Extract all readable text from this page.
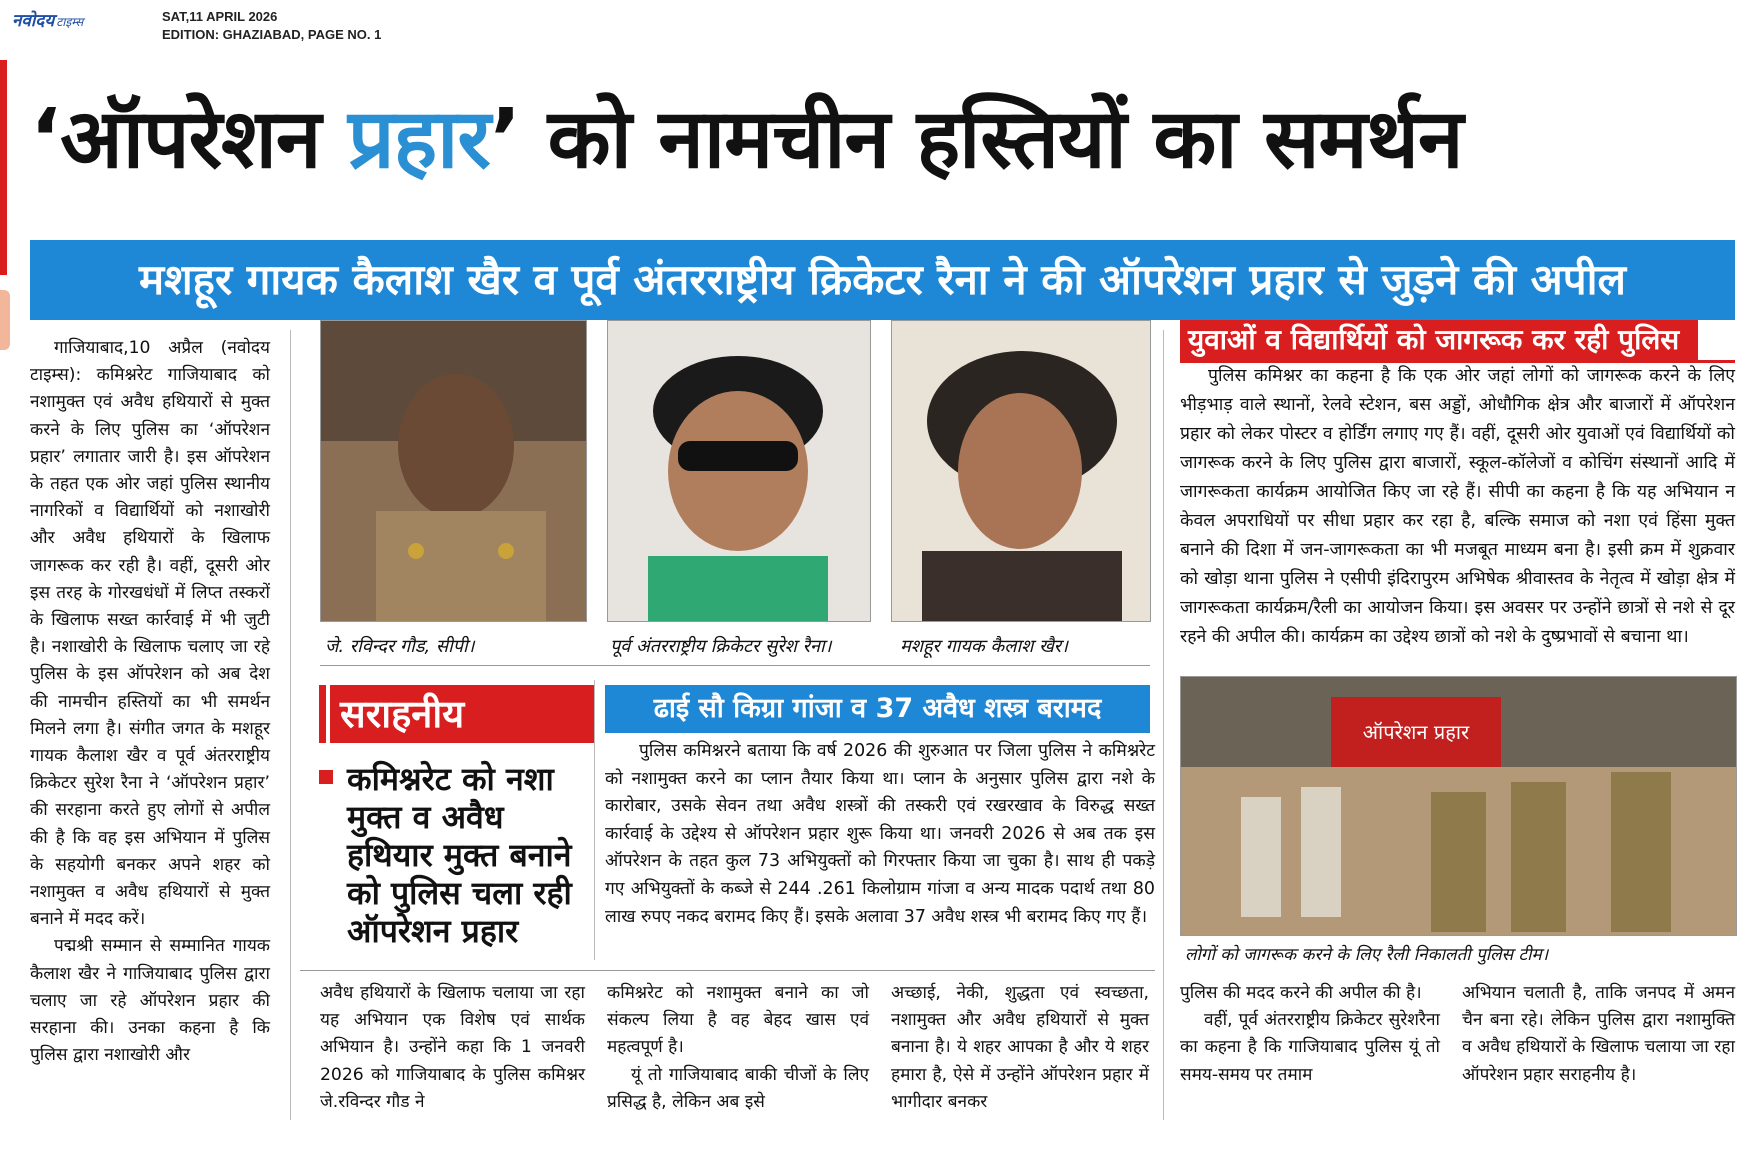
नवोदय टाइम्स	SAT,11 APRIL 2026
EDITION: GHAZIABAD, PAGE NO. 1
‘ऑपरेशन प्रहार’ को नामचीन हस्तियों का समर्थन
मशहूर गायक कैलाश खैर व पूर्व अंतरराष्ट्रीय क्रिकेटर रैना ने की ऑपरेशन प्रहार से जुड़ने की अपील

गाजियाबाद,10 अप्रैल (नवोदय टाइम्स): कमिश्नरेट गाजियाबाद को नशामुक्त एवं अवैध हथियारों से मुक्त करने के लिए पुलिस का ‘ऑपरेशन प्रहार’ लगातार जारी है। इस ऑपरेशन के तहत एक ओर जहां पुलिस स्थानीय नागरिकों व विद्यार्थियों को नशाखोरी और अवैध हथियारों के खिलाफ जागरूक कर रही है। वहीं, दूसरी ओर इस तरह के गोरखधंधों में लिप्त तस्करों के खिलाफ सख्त कार्रवाई में भी जुटी है। नशाखोरी के खिलाफ चलाए जा रहे पुलिस के इस ऑपरेशन को अब देश की नामचीन हस्तियों का भी समर्थन मिलने लगा है। संगीत जगत के मशहूर गायक कैलाश खैर व पूर्व अंतरराष्ट्रीय क्रिकेटर सुरेश रैना ने ‘ऑपरेशन प्रहार’ की सरहाना करते हुए लोगों से अपील की है कि वह इस अभियान में पुलिस के सहयोगी बनकर अपने शहर को नशामुक्त व अवैध हथियारों से मुक्त बनाने में मदद करें।

पद्मश्री सम्मान से सम्मानित गायक कैलाश खैर ने गाजियाबाद पुलिस द्वारा चलाए जा रहे ऑपरेशन प्रहार की सरहाना की। उनका कहना है कि पुलिस द्वारा नशाखोरी और

जे. रविन्दर गौड, सीपी।	पूर्व अंतरराष्ट्रीय क्रिकेटर सुरेश रैना।	मशहूर गायक कैलाश खैर।
युवाओं व विद्यार्थियों को जागरूक कर रही पुलिस

पुलिस कमिश्नर का कहना है कि एक ओर जहां लोगों को जागरूक करने के लिए भीड़भाड़ वाले स्थानों, रेलवे स्टेशन, बस अड्डों, ओधौगिक क्षेत्र और बाजारों में ऑपरेशन प्रहार को लेकर पोस्टर व होर्डिंग लगाए गए हैं। वहीं, दूसरी ओर युवाओं एवं विद्यार्थियों को जागरूक करने के लिए पुलिस द्वारा बाजारों, स्कूल-कॉलेजों व कोचिंग संस्थानों आदि में जागरूकता कार्यक्रम आयोजित किए जा रहे हैं। सीपी का कहना है कि यह अभियान न केवल अपराधियों पर सीधा प्रहार कर रहा है, बल्कि समाज को नशा एवं हिंसा मुक्त बनाने की दिशा में जन-जागरूकता का भी मजबूत माध्यम बना है। इसी क्रम में शुक्रवार को खोड़ा थाना पुलिस ने एसीपी इंदिरापुरम अभिषेक श्रीवास्तव के नेतृत्व में खोड़ा क्षेत्र में जागरूकता कार्यक्रम/रैली का आयोजन किया। इस अवसर पर उन्होंने छात्रों से नशे से दूर रहने की अपील की। कार्यक्रम का उद्देश्य छात्रों को नशे के दुष्प्रभावों से बचाना था।

ऑपरेशन प्रहार
लोगों को जागरूक करने के लिए रैली निकालती पुलिस टीम।
सराहनीय
कमिश्नरेट को नशा मुक्त व अवैध हथियार मुक्त बनाने को पुलिस चला रही ऑपरेशन प्रहार
ढाई सौ किग्रा गांजा व 37 अवैध शस्त्र बरामद

पुलिस कमिश्नरने बताया कि वर्ष 2026 की शुरुआत पर जिला पुलिस ने कमिश्नरेट को नशामुक्त करने का प्लान तैयार किया था। प्लान के अनुसार पुलिस द्वारा नशे के कारोबार, उसके सेवन तथा अवैध शस्त्रों की तस्करी एवं रखरखाव के विरुद्ध सख्त कार्रवाई के उद्देश्य से ऑपरेशन प्रहार शुरू किया था। जनवरी 2026 से अब तक इस ऑपरेशन के तहत कुल 73 अभियुक्तों को गिरफ्तार किया जा चुका है। साथ ही पकड़े गए अभियुक्तों के कब्जे से 244 .261 किलोग्राम गांजा व अन्य मादक पदार्थ तथा 80 लाख रुपए नकद बरामद किए हैं। इसके अलावा 37 अवैध शस्त्र भी बरामद किए गए हैं।

अवैध हथियारों के खिलाफ चलाया जा रहा यह अभियान एक विशेष एवं सार्थक अभियान है। उन्होंने कहा कि 1 जनवरी 2026 को गाजियाबाद के पुलिस कमिश्नर जे.रविन्दर गौड ने

कमिश्नरेट को नशामुक्त बनाने का जो संकल्प लिया है वह बेहद खास एवं महत्वपूर्ण है।

यूं तो गाजियाबाद बाकी चीजों के लिए प्रसिद्ध है, लेकिन अब इसे

अच्छाई, नेकी, शुद्धता एवं स्वच्छता, नशामुक्त और अवैध हथियारों से मुक्त बनाना है। ये शहर आपका है और ये शहर हमारा है, ऐसे में उन्होंने ऑपरेशन प्रहार में भागीदार बनकर

पुलिस की मदद करने की अपील की है।

वहीं, पूर्व अंतरराष्ट्रीय क्रिकेटर सुरेशरैना का कहना है कि गाजियाबाद पुलिस यूं तो समय-समय पर तमाम

अभियान चलाती है, ताकि जनपद में अमन चैन बना रहे। लेकिन पुलिस द्वारा नशामुक्ति व अवैध हथियारों के खिलाफ चलाया जा रहा ऑपरेशन प्रहार सराहनीय है।
